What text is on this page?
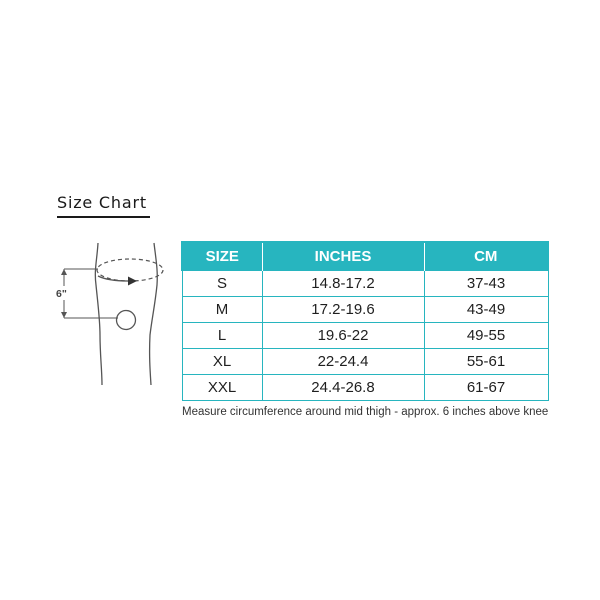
Size Chart
6"
SIZE	INCHES	CM
S	14.8-17.2	37-43
M	17.2-19.6	43-49
L	19.6-22	49-55
XL	22-24.4	55-61
XXL	24.4-26.8	61-67
Measure circumference around mid thigh - approx. 6 inches above knee
